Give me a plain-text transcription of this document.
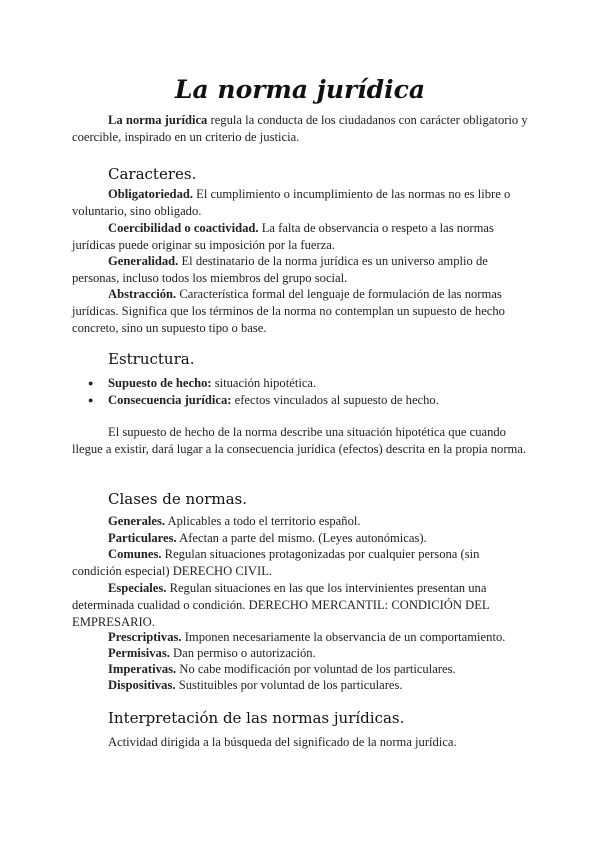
La norma jurídica

La norma jurídica regula la conducta de los ciudadanos con carácter obligatorio y coercible, inspirado en un criterio de justicia.

Caracteres.

Obligatoriedad. El cumplimiento o incumplimiento de las normas no es libre o voluntario, sino obligado.

Coercibilidad o coactividad. La falta de observancia o respeto a las normas jurídicas puede originar su imposición por la fuerza.

Generalidad. El destinatario de la norma jurídica es un universo amplio de personas, incluso todos los miembros del grupo social.

Abstracción. Característica formal del lenguaje de formulación de las normas jurídicas. Significa que los términos de la norma no contemplan un supuesto de hecho concreto, sino un supuesto tipo o base.

Estructura.

● Supuesto de hecho: situación hipotética.

● Consecuencia jurídica: efectos vinculados al supuesto de hecho.

El supuesto de hecho de la norma describe una situación hipotética que cuando llegue a existir, dará lugar a la consecuencia jurídica (efectos) descrita en la propia norma.

Clases de normas.

Generales. Aplicables a todo el territorio español.

Particulares. Afectan a parte del mismo. (Leyes autonómicas).

Comunes. Regulan situaciones protagonizadas por cualquier persona (sin condición especial) DERECHO CIVIL.

Especiales. Regulan situaciones en las que los intervinientes presentan una determinada cualidad o condición. DERECHO MERCANTIL: CONDICIÓN DEL EMPRESARIO.

Prescriptivas. Imponen necesariamente la observancia de un comportamiento.

Permisivas. Dan permiso o autorización.

Imperativas. No cabe modificación por voluntad de los particulares.

Dispositivas. Sustituibles por voluntad de los particulares.

Interpretación de las normas jurídicas.

Actividad dirigida a la búsqueda del significado de la norma jurídica.
